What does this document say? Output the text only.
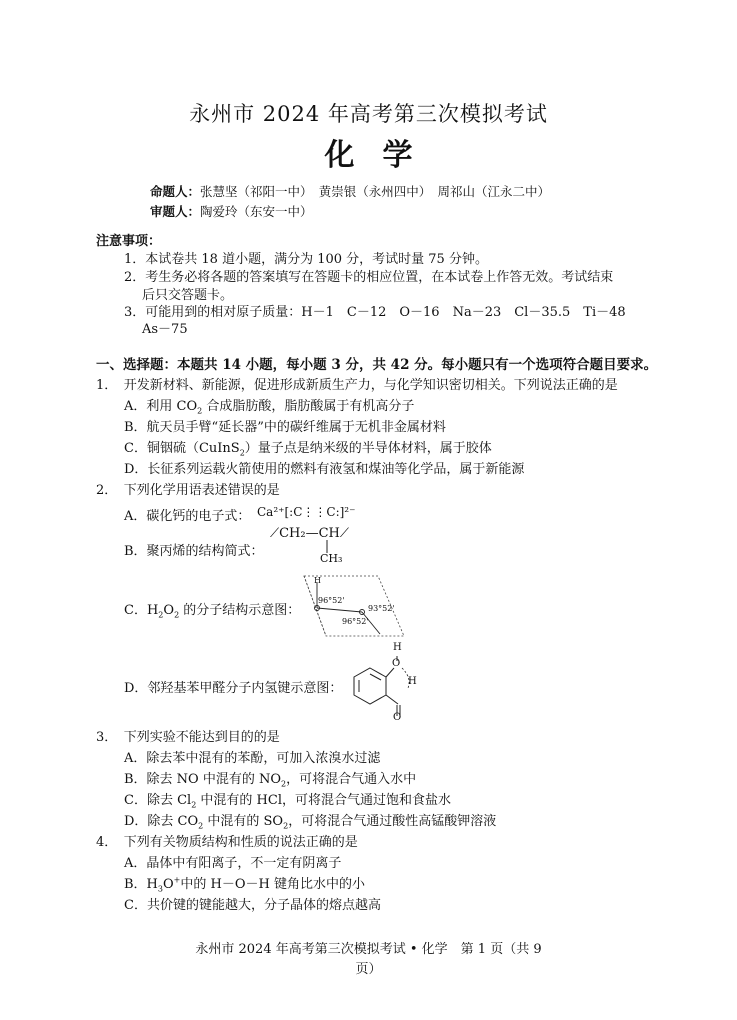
永州市 2024 年高考第三次模拟考试
化学
命题人：张慧坚（祁阳一中）　黄崇银（永州四中）　周祁山（江永二中）
审题人：陶爱玲（东安一中）
注意事项：
1．本试卷共 18 道小题，满分为 100 分，考试时量 75 分钟。
2．考生务必将各题的答案填写在答题卡的相应位置，在本试卷上作答无效。考试结束
后只交答题卡。
3．可能用到的相对原子质量：H－1　C－12　O－16　Na－23　Cl－35.5　Ti－48
As－75
一、选择题：本题共 14 小题，每小题 3 分，共 42 分。每小题只有一个选项符合题目要求。
1．　开发新材料、新能源，促进形成新质生产力，与化学知识密切相关。下列说法正确的是
A．利用 $CO_2$ 合成脂肪酸，脂肪酸属于有机高分子
B．航天员手臂“延长器”中的碳纤维属于无机非金属材料
C．铜铟硫（CuInS$_2$）量子点是纳米级的半导体材料，属于胶体
D．长征系列运载火箭使用的燃料有液氢和煤油等化学品，属于新能源
2．　下列化学用语表述错误的是
A．碳化钙的电子式： Ca²⁺[:C⋮⋮C:]²⁻
B．聚丙烯的结构简式：
⟋CH₂—CH⟋
CH₃
C．$H_2O_2$ 的分子结构示意图：
H
96°52'
93°52'
96°52'
D．邻羟基苯甲醛分子内氢键示意图：
H
O
H
O
3．　下列实验不能达到目的的是
A．除去苯中混有的苯酚，可加入浓溴水过滤
B．除去 NO 中混有的 $NO_2$，可将混合气通入水中
C．除去 $Cl_2$ 中混有的 HCl，可将混合气通过饱和食盐水
D．除去 $CO_2$ 中混有的 $SO_2$，可将混合气通过酸性高锰酸钾溶液
4．　下列有关物质结构和性质的说法正确的是
A．晶体中有阳离子，不一定有阴离子
B．$H_3O^+$中的 H－O－H 键角比水中的小
C．共价键的键能越大，分子晶体的熔点越高
永州市 2024 年高考第三次模拟考试 • 化学　第 1 页（共 9　页）
